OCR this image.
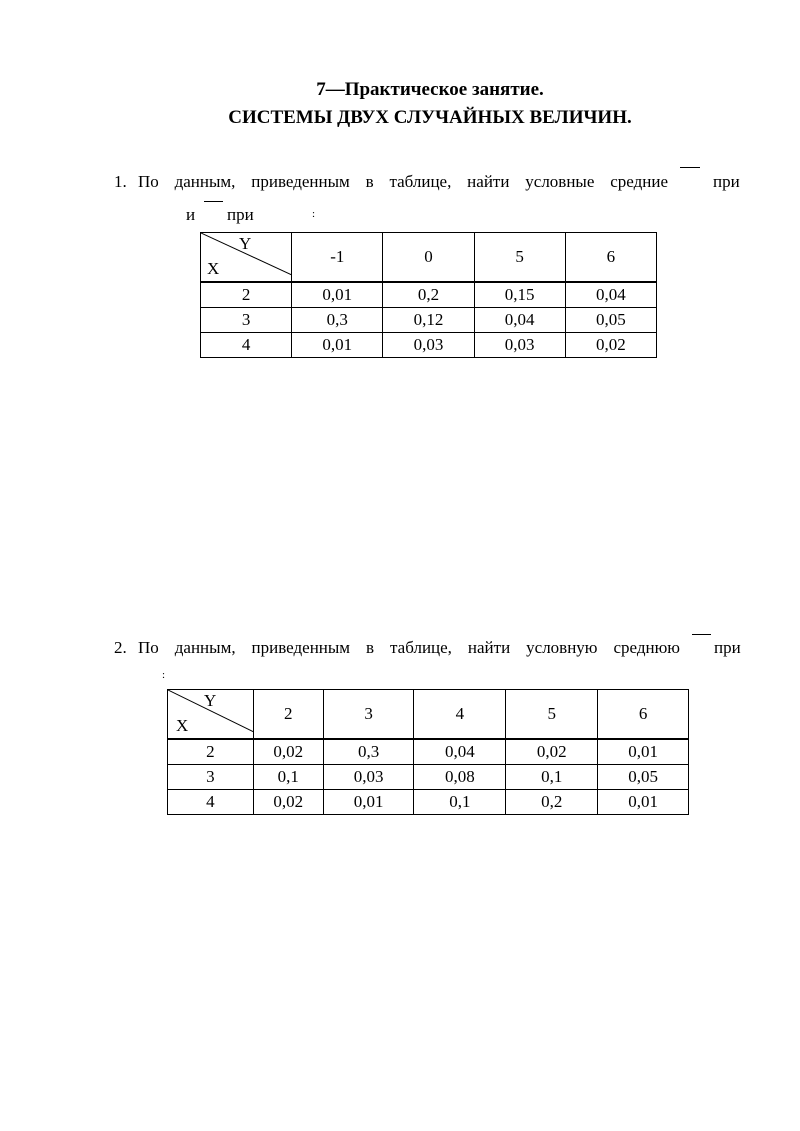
7—Практическое занятие.
СИСТЕМЫ ДВУХ СЛУЧАЙНЫХ ВЕЛИЧИН.
1. По данным, приведенным в таблице, найти условные средние	при
и при	:
Y
X	-1	0	5	6
2	0,01	0,2	0,15	0,04
3	0,3	0,12	0,04	0,05
4	0,01	0,03	0,03	0,02
2. По данным, приведенным в таблице, найти условную среднюю при
:
Y
X	2	3	4	5	6
2	0,02	0,3	0,04	0,02	0,01
3	0,1	0,03	0,08	0,1	0,05
4	0,02	0,01	0,1	0,2	0,01
